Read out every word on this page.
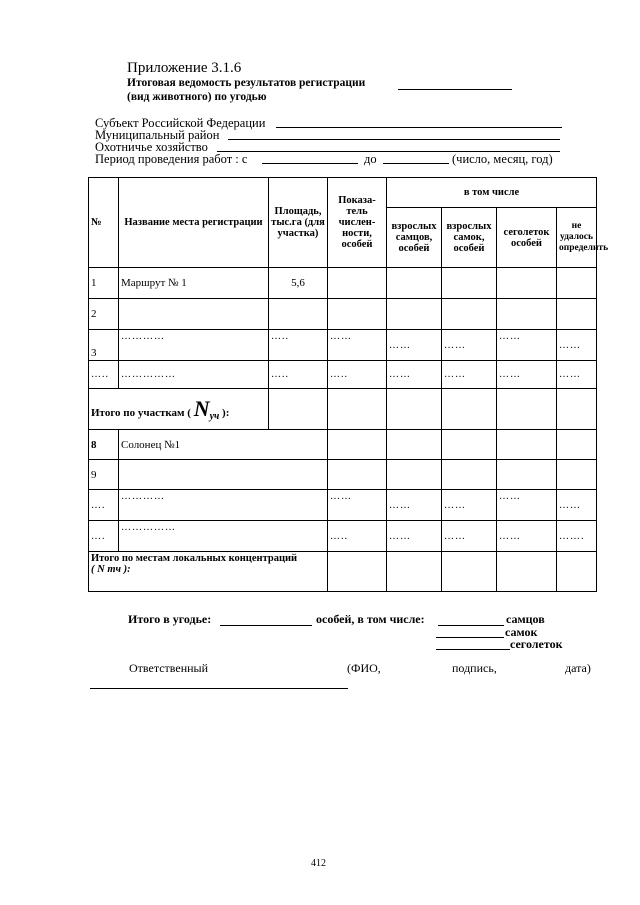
Приложение 3.1.6
Итоговая ведомость результатов регистрации
(вид животного) по угодью
Субъект Российской Федерации
Муниципальный район
Охотничье хозяйство
Период проведения работ : с	до	(число, месяц, год)
№	Название места регистрации	Площадь, тыс.га (для участка)	Показа-тель числен-ности, особей	в том числе			
				взрослых самцов, особей	взрослых самок, особей	сеголеток особей	не удалось определить
1	Маршрут № 1	5,6					
2							
3	…………	…..	……	……	……	……	……
…..	……………	…..	…..	……	……	……	……
Итого по участкам ( Nуч ):							
8	Солонец №1						
9							
….	…………		……	……	……	……	……
….	……………		…..	……	……	……	…….

Итого по местам локальных концентраций
( N тч ):							

Итого в угодье:	особей, в том числе:	самцов
самок
сеголеток
Ответственный	(ФИО,	подпись,	дата)
412
